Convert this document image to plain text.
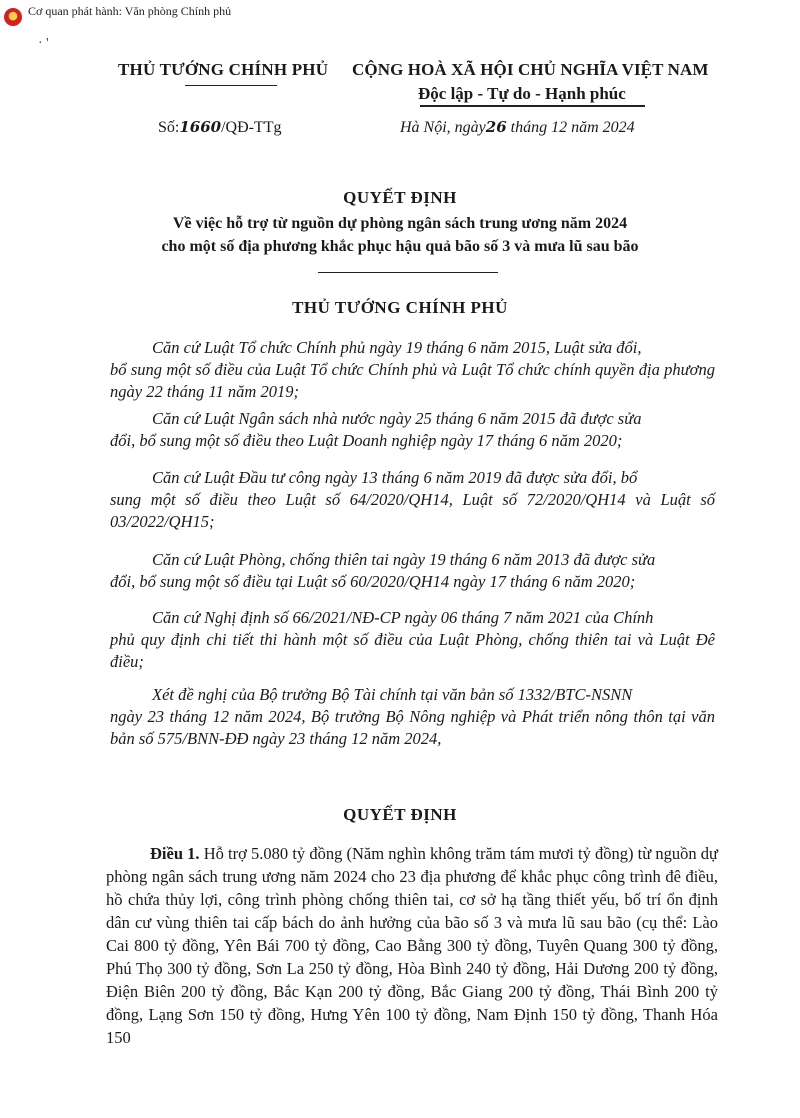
Cơ quan phát hành: Văn phòng Chính phủ
· '
THỦ TƯỚNG CHÍNH PHỦ CỘNG HOÀ XÃ HỘI CHỦ NGHĨA VIỆT NAM
Độc lập - Tự do - Hạnh phúc
Số:1660/QĐ-TTg	Hà Nội, ngày26 tháng 12 năm 2024
QUYẾT ĐỊNH
Về việc hỗ trợ từ nguồn dự phòng ngân sách trung ương năm 2024
cho một số địa phương khắc phục hậu quả bão số 3 và mưa lũ sau bão
THỦ TƯỚNG CHÍNH PHỦ
Căn cứ Luật Tổ chức Chính phủ ngày 19 tháng 6 năm 2015, Luật sửa đổi,
bổ sung một số điều của Luật Tổ chức Chính phủ và Luật Tổ chức chính quyền địa phương ngày 22 tháng 11 năm 2019;
Căn cứ Luật Ngân sách nhà nước ngày 25 tháng 6 năm 2015 đã được sửa
đổi, bổ sung một số điều theo Luật Doanh nghiệp ngày 17 tháng 6 năm 2020;
Căn cứ Luật Đầu tư công ngày 13 tháng 6 năm 2019 đã được sửa đổi, bổ
sung một số điều theo Luật số 64/2020/QH14, Luật số 72/2020/QH14 và Luật số 03/2022/QH15;
Căn cứ Luật Phòng, chống thiên tai ngày 19 tháng 6 năm 2013 đã được sửa
đổi, bổ sung một số điều tại Luật số 60/2020/QH14 ngày 17 tháng 6 năm 2020;
Căn cứ Nghị định số 66/2021/NĐ-CP ngày 06 tháng 7 năm 2021 của Chính
phủ quy định chi tiết thi hành một số điều của Luật Phòng, chống thiên tai và Luật Đê điều;
Xét đề nghị của Bộ trưởng Bộ Tài chính tại văn bản số 1332/BTC-NSNN
ngày 23 tháng 12 năm 2024, Bộ trưởng Bộ Nông nghiệp và Phát triển nông thôn tại văn bản số 575/BNN-ĐĐ ngày 23 tháng 12 năm 2024,
QUYẾT ĐỊNH
Điều 1. Hỗ trợ 5.080 tỷ đồng (Năm nghìn không trăm tám mươi tỷ đồng) từ nguồn dự phòng ngân sách trung ương năm 2024 cho 23 địa phương để khắc phục công trình đê điều, hồ chứa thủy lợi, công trình phòng chống thiên tai, cơ sở hạ tầng thiết yếu, bố trí ổn định dân cư vùng thiên tai cấp bách do ảnh hưởng của bão số 3 và mưa lũ sau bão (cụ thể: Lào Cai 800 tỷ đồng, Yên Bái 700 tỷ đồng, Cao Bằng 300 tỷ đồng, Tuyên Quang 300 tỷ đồng, Phú Thọ 300 tỷ đồng, Sơn La 250 tỷ đồng, Hòa Bình 240 tỷ đồng, Hải Dương 200 tỷ đồng, Điện Biên 200 tỷ đồng, Bắc Kạn 200 tỷ đồng, Bắc Giang 200 tỷ đồng, Thái Bình 200 tỷ đồng, Lạng Sơn 150 tỷ đồng, Hưng Yên 100 tỷ đồng, Nam Định 150 tỷ đồng, Thanh Hóa 150
